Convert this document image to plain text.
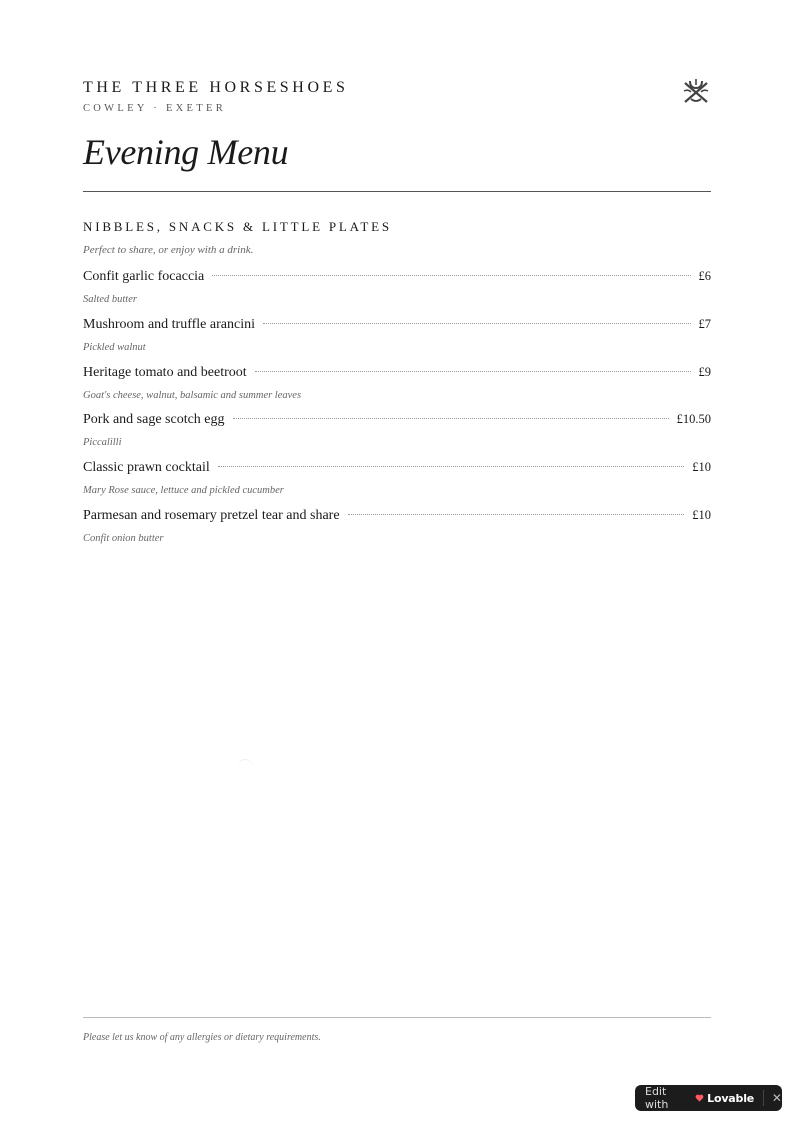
THE THREE HORSESHOES
COWLEY · EXETER
Evening Menu
NIBBLES, SNACKS & LITTLE PLATES
Perfect to share, or enjoy with a drink.
Confit garlic focaccia	£6
Salted butter
Mushroom and truffle arancini	£7
Pickled walnut
Heritage tomato and beetroot	£9
Goat's cheese, walnut, balsamic and summer leaves
Pork and sage scotch egg	£10.50
Piccalilli
Classic prawn cocktail	£10
Mary Rose sauce, lettuce and pickled cucumber
Parmesan and rosemary pretzel tear and share	£10
Confit onion butter
Please let us know of any allergies or dietary requirements.
Edit with	Lovable ✕
